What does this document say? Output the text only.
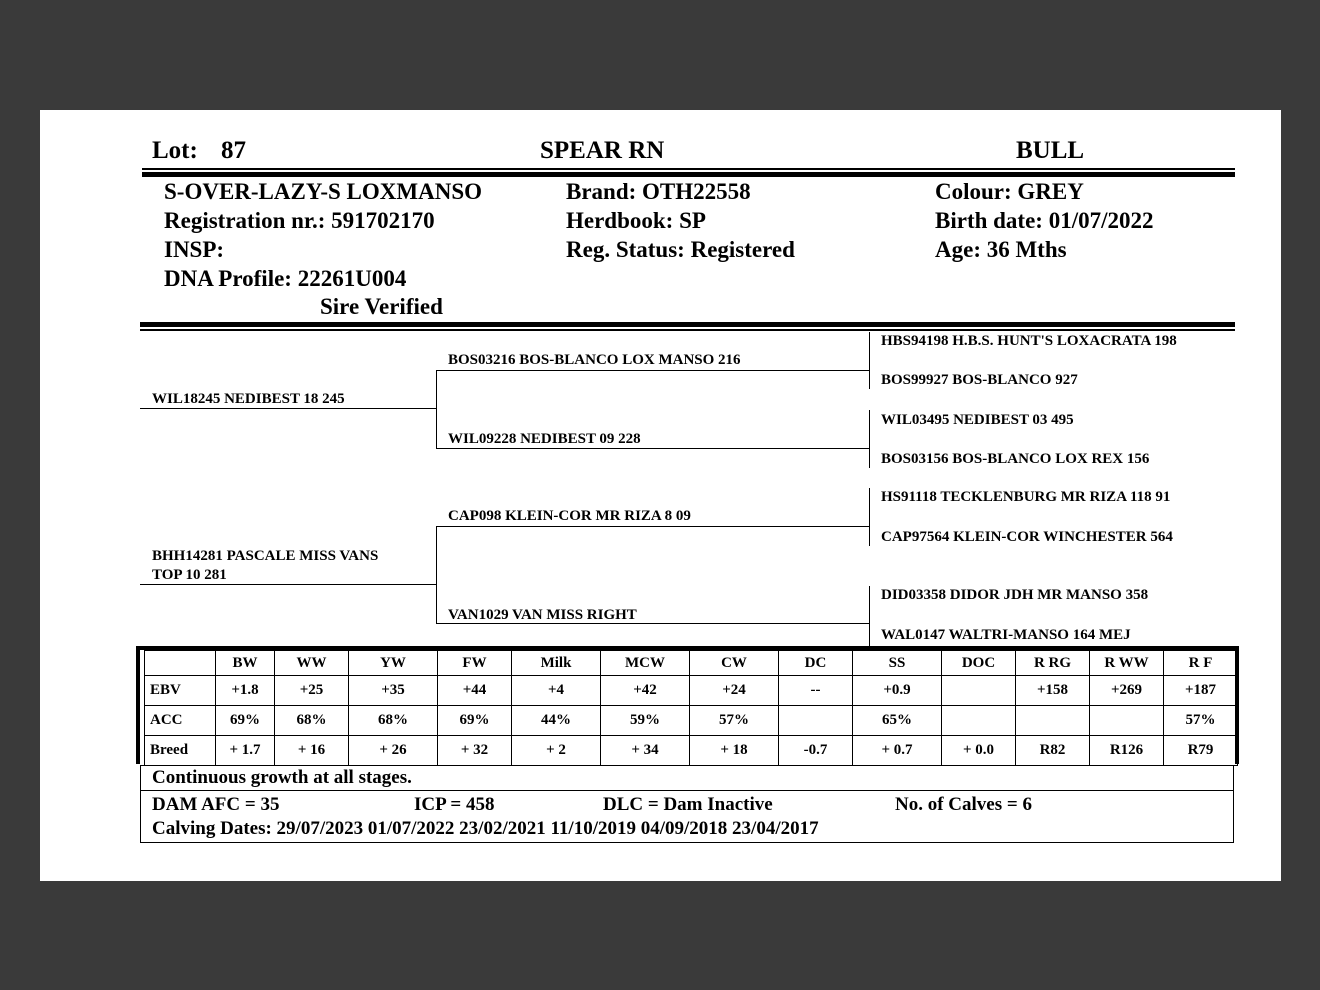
Lot: 87	SPEAR RN	BULL
S-OVER-LAZY-S LOXMANSO
Registration nr.: 591702170
INSP:
DNA Profile: 22261U004
Sire Verified
Brand: OTH22558
Herdbook: SP
Reg. Status: Registered
Colour: GREY
Birth date: 01/07/2022
Age: 36 Mths
WIL18245 NEDIBEST 18 245
BHH14281 PASCALE MISS VANS
TOP 10 281
BOS03216 BOS-BLANCO LOX MANSO 216
WIL09228 NEDIBEST 09 228
CAP098 KLEIN-COR MR RIZA 8 09
VAN1029 VAN MISS RIGHT
HBS94198 H.B.S. HUNT'S LOXACRATA 198
BOS99927 BOS-BLANCO 927
WIL03495 NEDIBEST 03 495
BOS03156 BOS-BLANCO LOX REX 156
HS91118 TECKLENBURG MR RIZA 118 91
CAP97564 KLEIN-COR WINCHESTER 564
DID03358 DIDOR JDH MR MANSO 358
WAL0147 WALTRI-MANSO 164 MEJ
	BW	WW	YW	FW	Milk	MCW	CW	DC	SS	DOC	R RG	R WW	R F
EBV	+1.8	+25	+35	+44	+4	+42	+24	--	+0.9		+158	+269	+187
ACC	69%	68%	68%	69%	44%	59%	57%		65%				57%
Breed	+ 1.7	+ 16	+ 26	+ 32	+ 2	+ 34	+ 18	-0.7	+ 0.7	+ 0.0	R82	R126	R79
Continuous growth at all stages.
DAM AFC = 35	ICP = 458	DLC = Dam Inactive	No. of Calves = 6
Calving Dates: 29/07/2023 01/07/2022 23/02/2021 11/10/2019 04/09/2018 23/04/2017
